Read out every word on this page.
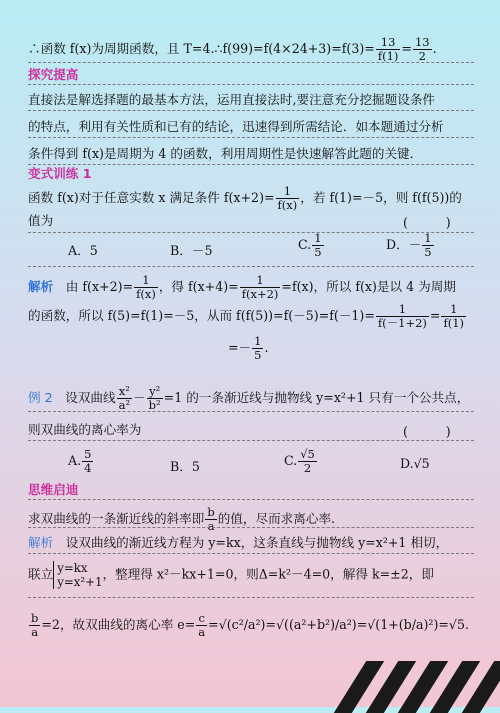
∴函数 f(x)为周期函数，且 T=4.∴f(99)=f(4×24+3)=f(3)= $\frac{13}{f(1)} = \frac{13}{2}$ .
探究提高
直接法是解选择题的最基本方法，运用直接法时,要注意充分挖掘题设条件
的特点，利用有关性质和已有的结论，迅速得到所需结论．如本题通过分析
条件得到 f(x)是周期为 4 的函数，利用周期性是快速解答此题的关键．
变式训练 1
函数 f(x)对于任意实数 x 满足条件 $f(x+2)= \frac{1}{f(x)}$ ，若 f(1)=－5，则 f(f(5))的
值为	(　　　)
A．5	B．－5	C. $\frac{1}{5}$	D．－ $\frac{1}{5}$
解析　 由 $f(x+2)= \frac{1}{f(x)}$ ，得 $f(x+4)= \frac{1}{f(x+2)} =f(x)$，所以 f(x)是以 4 为周期
的函数，所以 f(5)=f(1)=－5，从而 $f(f(5))=f(-5)=f(-1)= \frac{1}{f(-1+2)} = \frac{1}{f(1)}$
=－ $\frac{1}{5}$ .
例 2　 设双曲线 $\frac{\text{x²}}{\text{a²}} - \frac{\text{y²}}{\text{b²}} =1$ 的一条渐近线与抛物线 y=x²+1 只有一个公共点，
则双曲线的离心率为	(　　　)
A. $\frac{5}{4}$	B．5	C. $\frac{√5}{2}$	D.√5
思维启迪
求双曲线的一条渐近线的斜率即 $\frac{b}{a}$ 的值，尽而求离心率.
解析　 设双曲线的渐近线方程为 y=kx，这条直线与抛物线 y=x²+1 相切，
联立 y=kx
y=x²+1
，整理得 x²－kx+1=0，则Δ=k²－4=0，解得 k=±2，即
$\frac{b}{a} =2$，故双曲线的离心率 $e= \frac{c}{a} =√(c^2/a^2)=√((a^2+b^2)/a^2)=√(1+(b/a)^2)=√5$.
